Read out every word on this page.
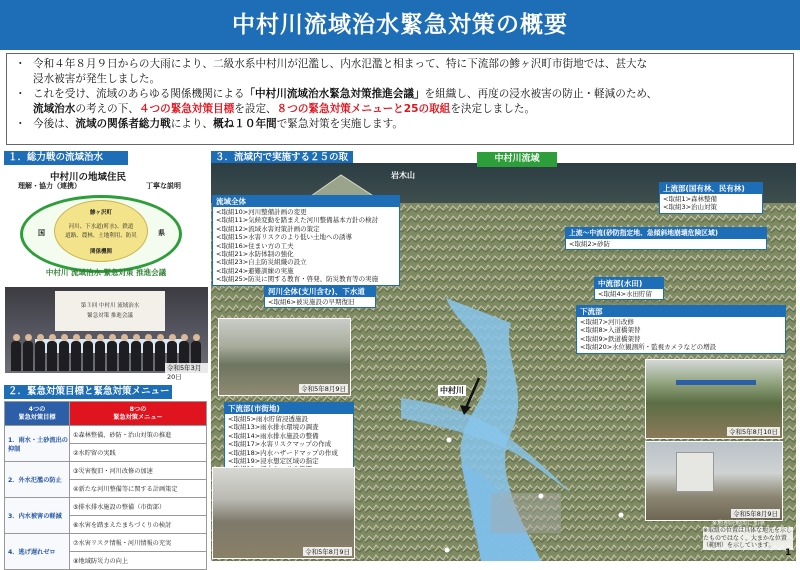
中村川流域治水緊急対策の概要
・ 令和４年８月９日からの大雨により、二級水系中村川が氾濫し、内水氾濫と相まって、特に下流部の鯵ヶ沢町市街地では、甚大な
浸水被害が発生しました。
・ これを受け、流域のあらゆる関係機関による「中村川流域治水緊急対策推進会議」を組織し、再度の浸水被害の防止・軽減のため、
流域治水の考えの下、４つの緊急対策目標を設定、８つの緊急対策メニューと25の取組を決定しました。
・ 今後は、流域の関係者総力戦により、概ね１０年間で緊急対策を実施します。
１．総力戦の流域治水
中村川の地域住民
理解・協力（連携）	丁寧な説明
鯵ヶ沢町
河川、下水道(町水)、鉄道
道路、農林、土地利用、防災
関係機関
国	県
中村川 流域治水 緊急対策 推進会議
第３回 中村川 流域治水
緊急対策 推進会議
令和5年3月20日
２．緊急対策目標と緊急対策メニュー
4つの
緊急対策目標	8つの
緊急対策メニュー
1．雨水・土砂流出の抑制	①森林整備、砂防・治山対策の推進
	②水貯留の実践
2．外水氾濫の防止	③災害復旧・河川改修の加速
	④新たな河川整備等に関する計画策定
3．内水被害の軽減	⑤排水排水施設の整備（市街部）
	⑥水害を踏まえたまちづくりの検討
4．逃げ遅れゼロ	⑦水害リスク情報・河川情報の充実
	⑧地域防災力の向上
３．流域内で実施する２５の取	中村川流域
岩木山
中村川
流域全体
<取組10>河川整備計画の変更
<取組11>気候変動を踏まえた河川整備基本方針の検討
<取組12>流域水害対策計画の策定
<取組15>水害リスクのより低い土地への誘導
<取組16>住まい方の工夫
<取組21>水防体制の強化
<取組23>自主防災組織の設立
<取組24>避難訓練の実施
<取組25>防災に関する教育・啓発、防災教育等の実施
河川全体(支川含む)、下水道
<取組6>被災施設の早期復旧
上流部(国有林、民有林)
<取組1>森林整備
<取組3>治山対策
上流～中流(砂防指定地、急傾斜地崩壊危険区域)
<取組2>砂防
中流部(水田)
<取組4>水田貯留
下流部
<取組7>河川改修
<取組8>入道橋架替
<取組9>鉄道橋架替
<取組20>水位観測所・監視カメラなどの増設
下流部(市街地)
<取組5>雨水貯留浸透施設
<取組13>雨水排水環境の調査
<取組14>雨水排水施設の整備
<取組17>水害リスクマップの作成
<取組18>内水ハザードマップの作成
<取組19>浸水想定区域の指定
令和5年8月9日
令和5年8月10日
令和5年8月9日
令和5年8月9日
※地理院地図に加筆
※取組の位置は具体な地先を示したものではなく、大まかな位置（範囲）を示しています。
1
